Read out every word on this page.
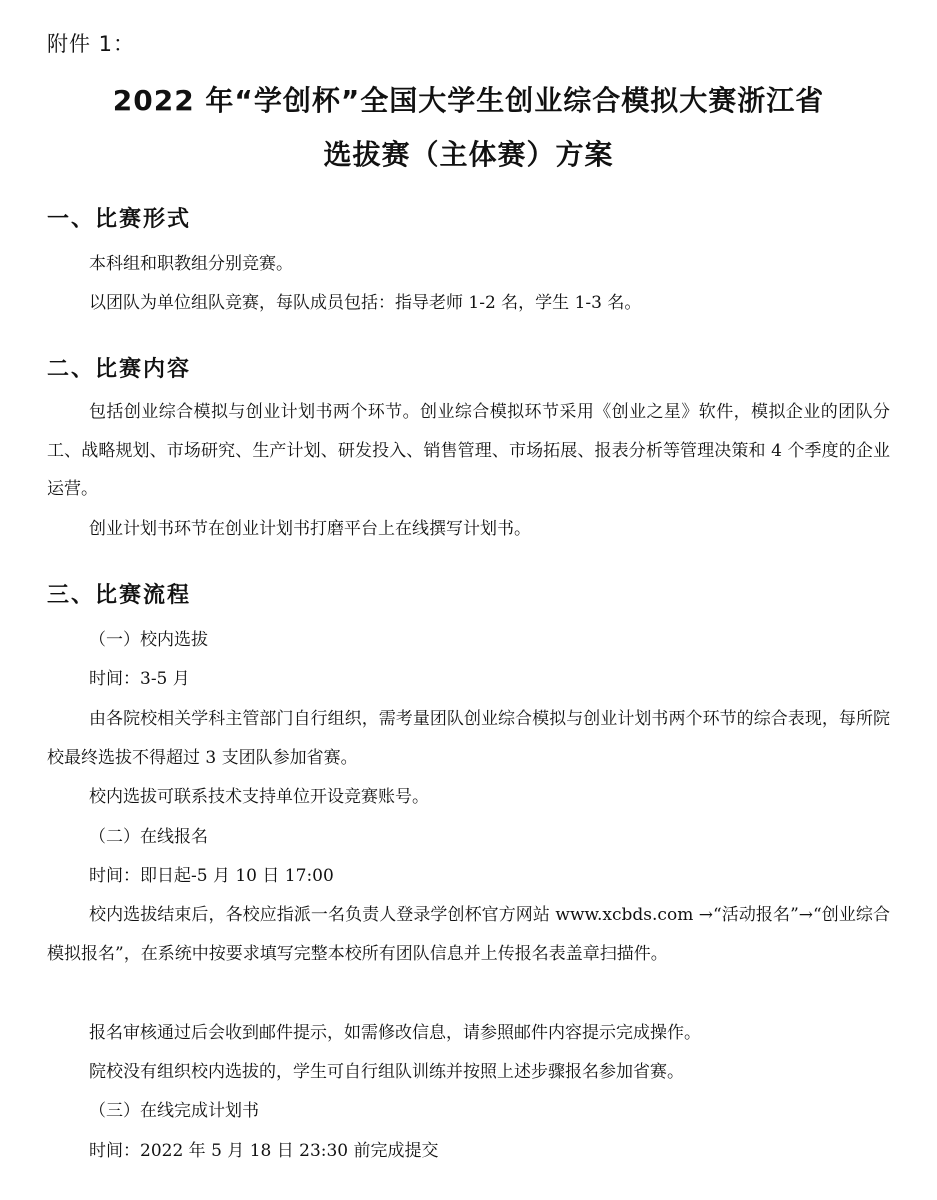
附件 1：
2022 年“学创杯”全国大学生创业综合模拟大赛浙江省
选拔赛（主体赛）方案
一、比赛形式
本科组和职教组分别竞赛。
以团队为单位组队竞赛，每队成员包括：指导老师 1-2 名，学生 1-3 名。
二、比赛内容
包括创业综合模拟与创业计划书两个环节。创业综合模拟环节采用《创业之星》软件，模拟企业的团队分工、战略规划、市场研究、生产计划、研发投入、销售管理、市场拓展、报表分析等管理决策和 4 个季度的企业运营。
创业计划书环节在创业计划书打磨平台上在线撰写计划书。
三、比赛流程
（一）校内选拔
时间：3-5 月
由各院校相关学科主管部门自行组织，需考量团队创业综合模拟与创业计划书两个环节的综合表现，每所院校最终选拔不得超过 3 支团队参加省赛。
校内选拔可联系技术支持单位开设竞赛账号。
（二）在线报名
时间：即日起-5 月 10 日 17:00
校内选拔结束后，各校应指派一名负责人登录学创杯官方网站 www.xcbds.com →“活动报名”→“创业综合模拟报名”，在系统中按要求填写完整本校所有团队信息并上传报名表盖章扫描件。
报名审核通过后会收到邮件提示，如需修改信息，请参照邮件内容提示完成操作。
院校没有组织校内选拔的，学生可自行组队训练并按照上述步骤报名参加省赛。
（三）在线完成计划书
时间：2022 年 5 月 18 日 23:30 前完成提交
